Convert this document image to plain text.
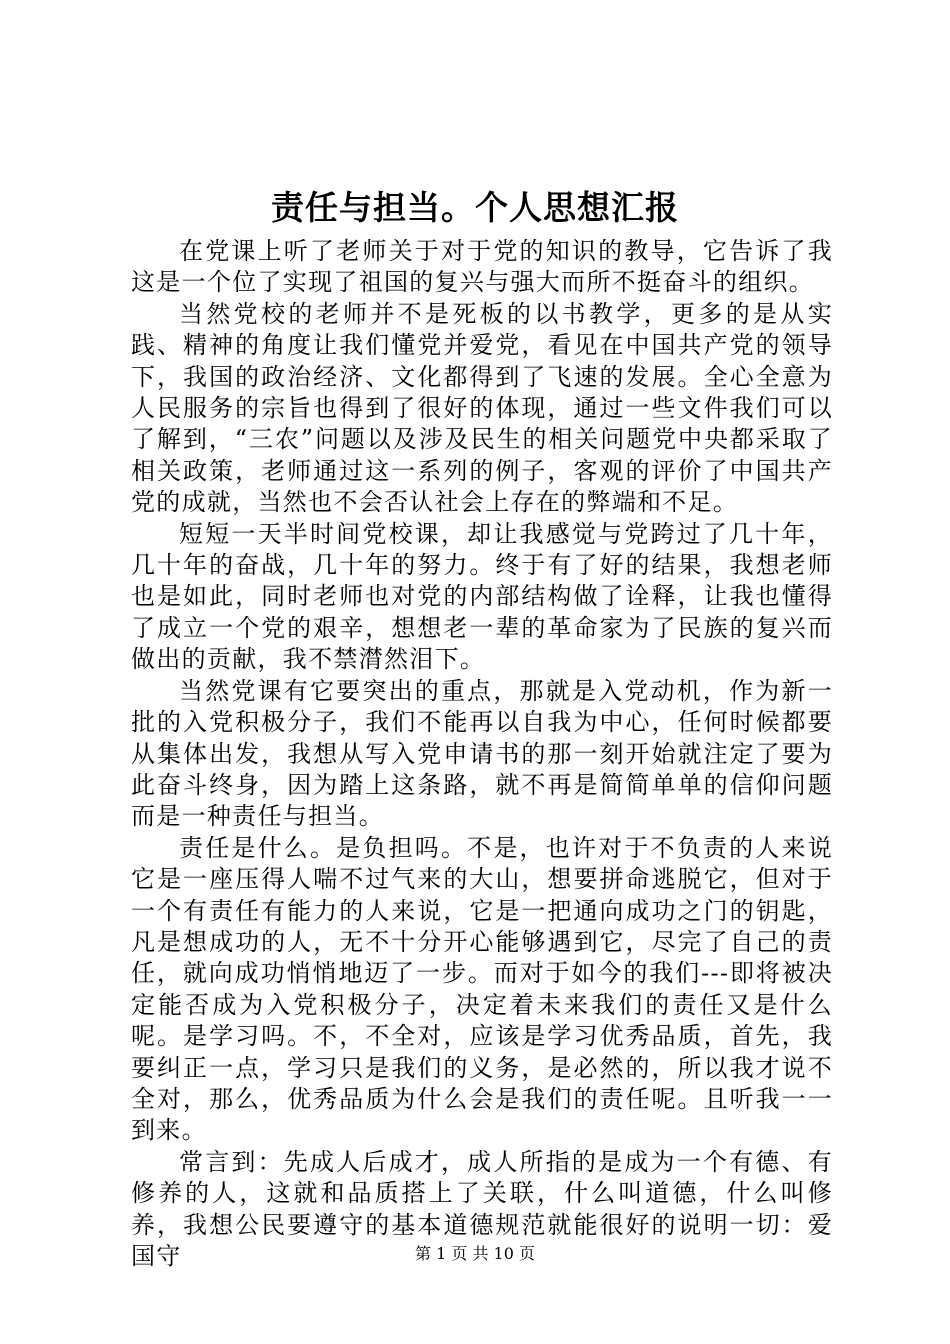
责任与担当。个人思想汇报

在党课上听了老师关于对于党的知识的教导，它告诉了我这是一个位了实现了祖国的复兴与强大而所不挺奋斗的组织。

当然党校的老师并不是死板的以书教学，更多的是从实践、精神的角度让我们懂党并爱党，看见在中国共产党的领导下，我国的政治经济、文化都得到了飞速的发展。全心全意为人民服务的宗旨也得到了很好的体现，通过一些文件我们可以了解到，“三农”问题以及涉及民生的相关问题党中央都采取了相关政策，老师通过这一系列的例子，客观的评价了中国共产党的成就，当然也不会否认社会上存在的弊端和不足。

短短一天半时间党校课，却让我感觉与党跨过了几十年，几十年的奋战，几十年的努力。终于有了好的结果，我想老师也是如此，同时老师也对党的内部结构做了诠释，让我也懂得了成立一个党的艰辛，想想老一辈的革命家为了民族的复兴而做出的贡献，我不禁潸然泪下。

当然党课有它要突出的重点，那就是入党动机，作为新一批的入党积极分子，我们不能再以自我为中心，任何时候都要从集体出发，我想从写入党申请书的那一刻开始就注定了要为此奋斗终身，因为踏上这条路，就不再是简简单单的信仰问题而是一种责任与担当。

责任是什么。是负担吗。不是，也许对于不负责的人来说它是一座压得人喘不过气来的大山，想要拼命逃脱它，但对于一个有责任有能力的人来说，它是一把通向成功之门的钥匙，凡是想成功的人，无不十分开心能够遇到它，尽完了自己的责任，就向成功悄悄地迈了一步。而对于如今的我们---即将被决定能否成为入党积极分子，决定着未来我们的责任又是什么呢。是学习吗。不，不全对，应该是学习优秀品质，首先，我要纠正一点，学习只是我们的义务，是必然的，所以我才说不全对，那么，优秀品质为什么会是我们的责任呢。且听我一一到来。

常言到：先成人后成才，成人所指的是成为一个有德、有修养的人，这就和品质搭上了关联，什么叫道德，什么叫修养，我想公民要遵守的基本道德规范就能很好的说明一切：爱国守	第 1 页 共 10 页
